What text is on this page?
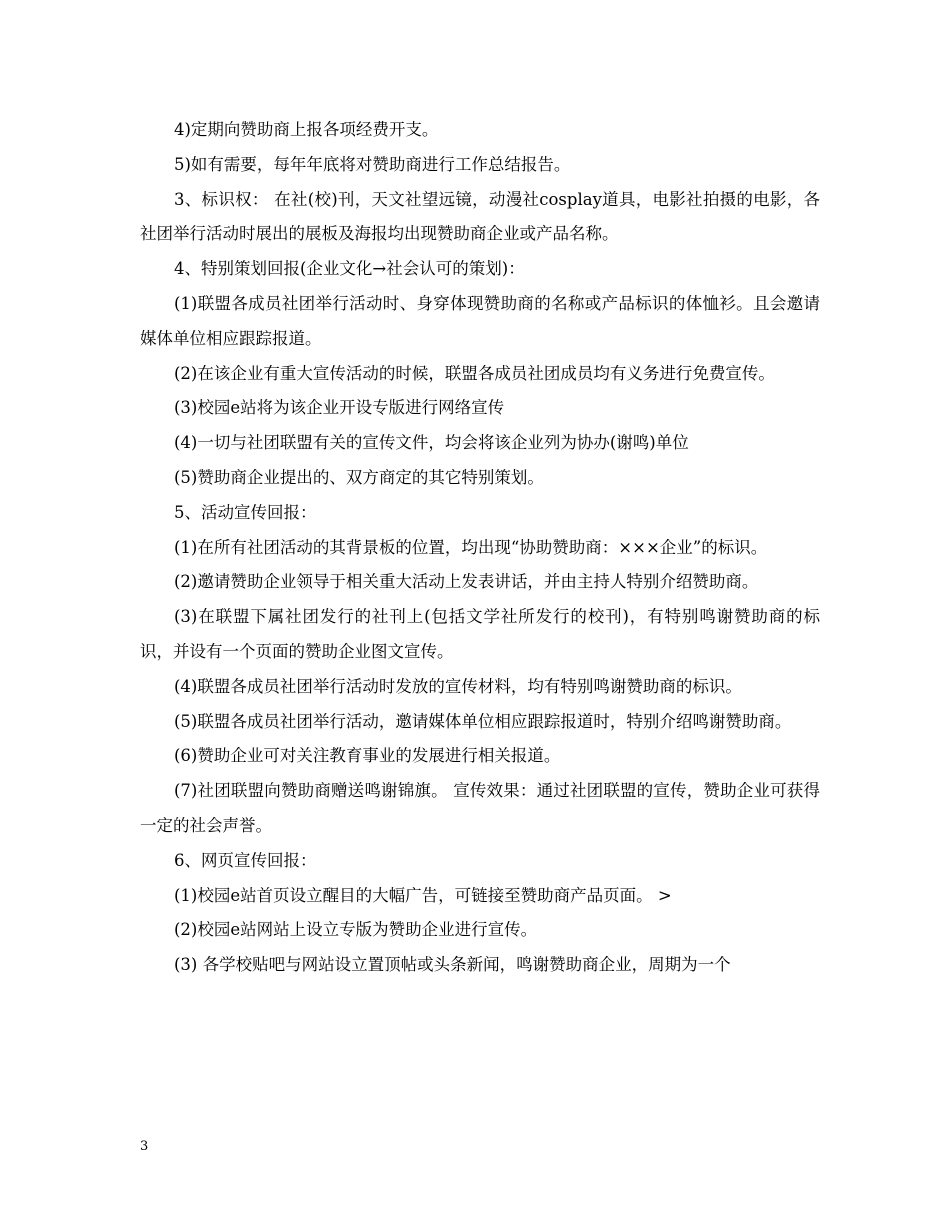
4)定期向赞助商上报各项经费开支。

5)如有需要，每年年底将对赞助商进行工作总结报告。

3、标识权： 在社(校)刊，天文社望远镜，动漫社cosplay道具，电影社拍摄的电影，各社团举行活动时展出的展板及海报均出现赞助商企业或产品名称。

4、特别策划回报(企业文化→社会认可的策划)：

(1)联盟各成员社团举行活动时、身穿体现赞助商的名称或产品标识的体恤衫。且会邀请媒体单位相应跟踪报道。

(2)在该企业有重大宣传活动的时候，联盟各成员社团成员均有义务进行免费宣传。

(3)校园e站将为该企业开设专版进行网络宣传

(4)一切与社团联盟有关的宣传文件，均会将该企业列为协办(谢鸣)单位

(5)赞助商企业提出的、双方商定的其它特别策划。

5、活动宣传回报：

(1)在所有社团活动的其背景板的位置，均出现“协助赞助商：×××企业”的标识。

(2)邀请赞助企业领导于相关重大活动上发表讲话，并由主持人特别介绍赞助商。

(3)在联盟下属社团发行的社刊上(包括文学社所发行的校刊)，有特别鸣谢赞助商的标识，并设有一个页面的赞助企业图文宣传。

(4)联盟各成员社团举行活动时发放的宣传材料，均有特别鸣谢赞助商的标识。

(5)联盟各成员社团举行活动，邀请媒体单位相应跟踪报道时，特别介绍鸣谢赞助商。

(6)赞助企业可对关注教育事业的发展进行相关报道。

(7)社团联盟向赞助商赠送鸣谢锦旗。 宣传效果：通过社团联盟的宣传，赞助企业可获得一定的社会声誉。

6、网页宣传回报：

(1)校园e站首页设立醒目的大幅广告，可链接至赞助商产品页面。 >

(2)校园e站网站上设立专版为赞助企业进行宣传。

(3) 各学校贴吧与网站设立置顶帖或头条新闻，鸣谢赞助商企业，周期为一个

3
